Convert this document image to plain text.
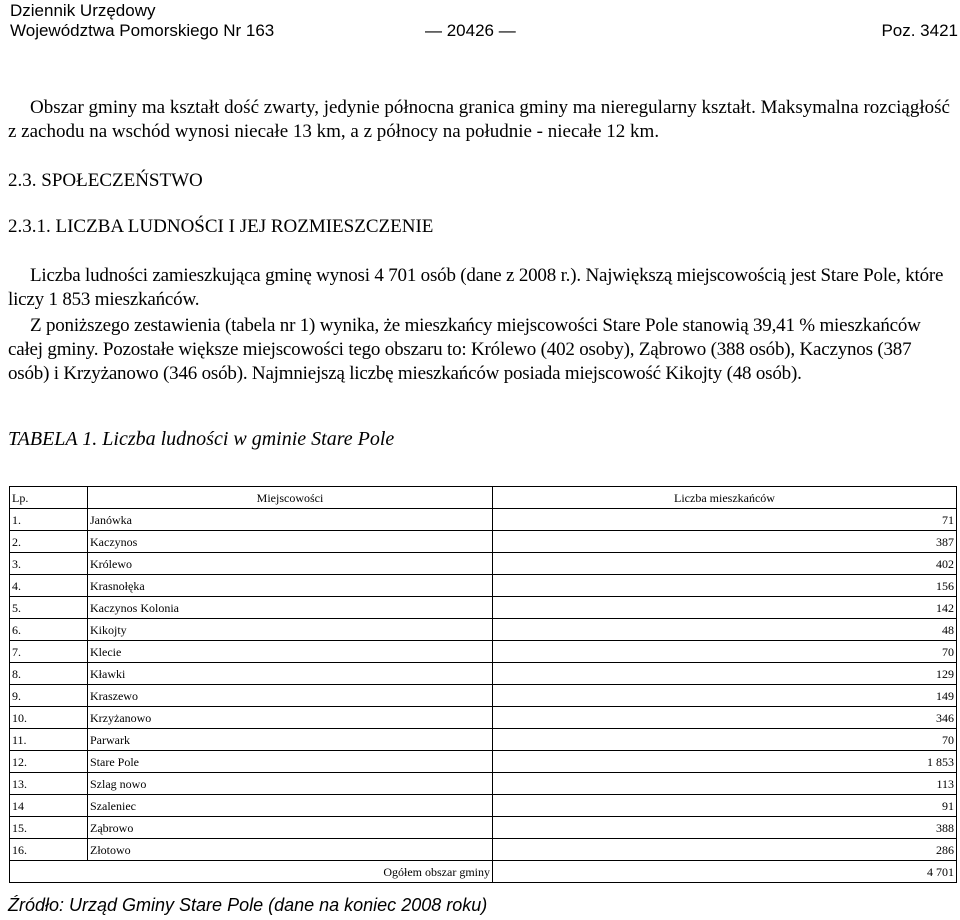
Dziennik Urzędowy
Województwa Pomorskiego Nr 163	— 20426 —	Poz. 3421
Obszar gminy ma kształt dość zwarty, jedynie północna granica gminy ma nieregularny kształt. Maksymalna rozciągłość z zachodu na wschód wynosi niecałe 13 km, a z północy na południe - niecałe 12 km.
2.3. SPOŁECZEŃSTWO
2.3.1. LICZBA LUDNOŚCI I JEJ ROZMIESZCZENIE
Liczba ludności zamieszkująca gminę wynosi 4 701 osób (dane z 2008 r.). Największą miejscowością jest Stare Pole, które liczy 1 853 mieszkańców.
Z poniższego zestawienia (tabela nr 1) wynika, że mieszkańcy miejscowości Stare Pole stanowią 39,41 % mieszkańców całej gminy. Pozostałe większe miejscowości tego obszaru to: Królewo (402 osoby), Ząbrowo (388 osób), Kaczynos (387 osób) i Krzyżanowo (346 osób). Najmniejszą liczbę mieszkańców posiada miejscowość Kikojty (48 osób).
TABELA 1. Liczba ludności w gminie Stare Pole
Lp.	Miejscowości	Liczba mieszkańców
1.	Janówka	71
2.	Kaczynos	387
3.	Królewo	402
4.	Krasnołęka	156
5.	Kaczynos Kolonia	142
6.	Kikojty	48
7.	Klecie	70
8.	Kławki	129
9.	Kraszewo	149
10.	Krzyżanowo	346
11.	Parwark	70
12.	Stare Pole	1 853
13.	Szlag nowo	113
14	Szaleniec	91
15.	Ząbrowo	388
16.	Złotowo	286
Ogółem obszar gminy		4 701
Źródło: Urząd Gminy Stare Pole (dane na koniec 2008 roku)
